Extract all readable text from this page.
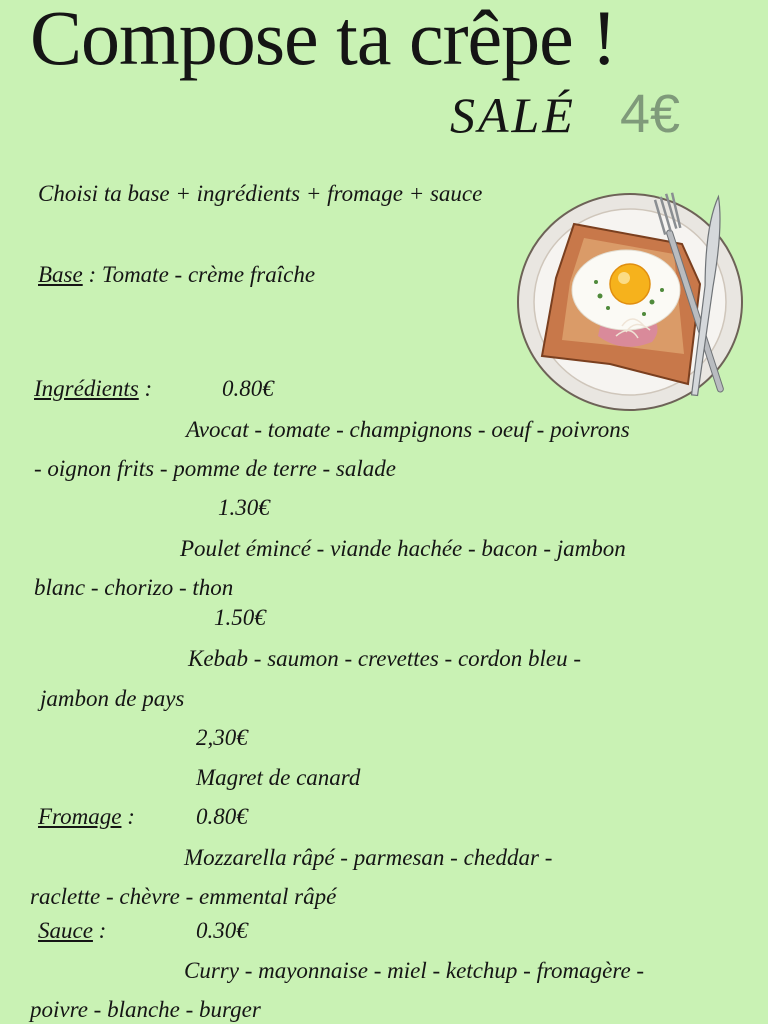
Compose ta crêpe !
SALÉ 4€
Choisi ta base + ingrédients + fromage + sauce
Base : Tomate - crème fraîche
Ingrédients :	0.80€
Avocat - tomate - champignons - oeuf - poivrons
- oignon frits - pomme de terre - salade
1.30€
Poulet émincé - viande hachée - bacon - jambon
blanc - chorizo - thon
1.50€
Kebab - saumon - crevettes - cordon bleu -
jambon de pays
2,30€
Magret de canard
Fromage :	0.80€
Mozzarella râpé - parmesan - cheddar -
raclette - chèvre - emmental râpé
Sauce :	0.30€
Curry - mayonnaise - miel - ketchup - fromagère -
poivre - blanche - burger
